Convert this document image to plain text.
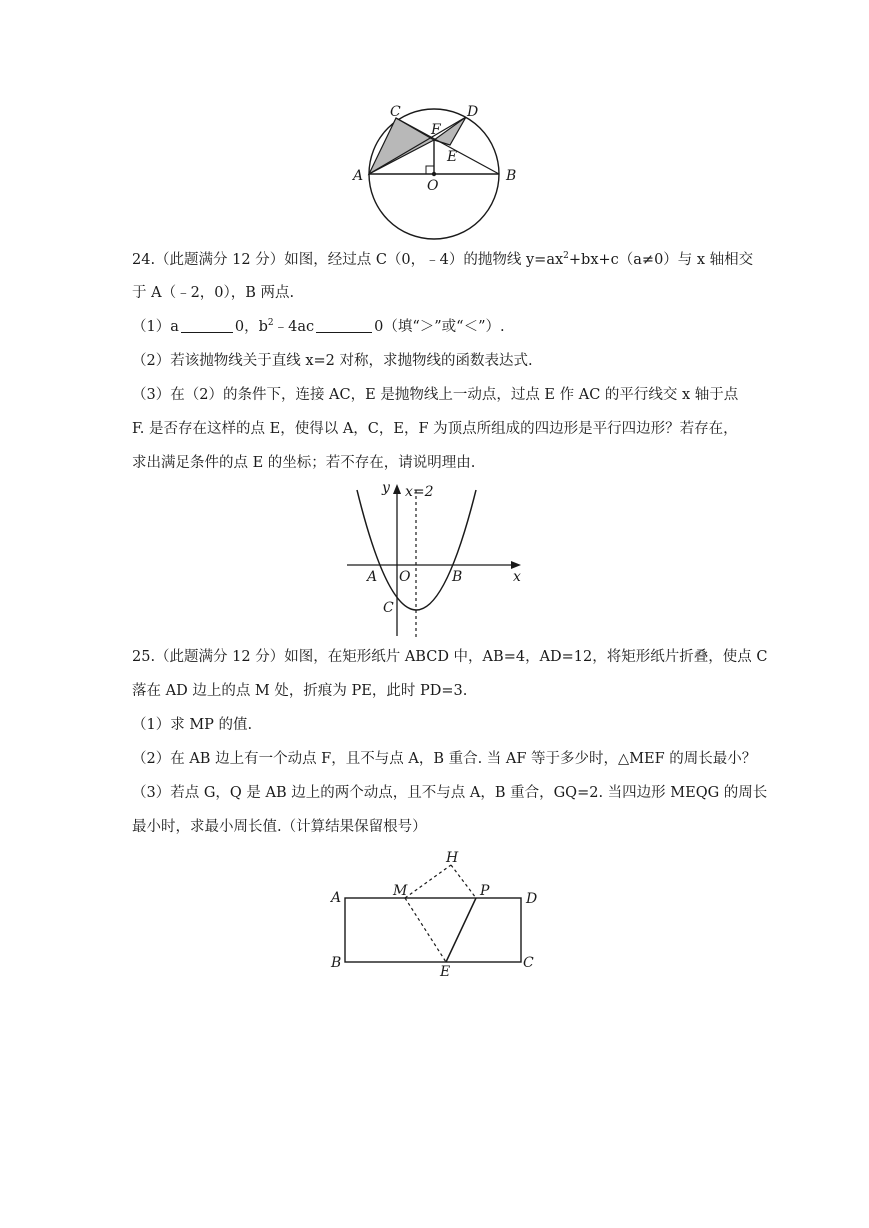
C	D
F
E
A
O
B
24.（此题满分 12 分）如图，经过点 C（0，﹣4）的抛物线 $y=ax^2+bx+c(a\ne 0)$与 x 轴相交
于 A（﹣2，0），B 两点.
（1）a	0，$b^2﹣4ac$	0（填“＞”或“＜”）.
（2）若该抛物线关于直线 x=2 对称，求抛物线的函数表达式.
（3）在（2）的条件下，连接 AC，E 是抛物线上一动点，过点 E 作 AC 的平行线交 x 轴于点
F. 是否存在这样的点 E，使得以 A，C，E，F 为顶点所组成的四边形是平行四边形？若存在，
求出满足条件的点 E 的坐标；若不存在，请说明理由.
y x=2
A O	B	x
C
25.（此题满分 12 分）如图，在矩形纸片 ABCD 中，AB=4，AD=12，将矩形纸片折叠，使点 C
落在 AD 边上的点 M 处，折痕为 PE，此时 PD=3.
（1）求 MP 的值.
（2）在 AB 边上有一个动点 F，且不与点 A，B 重合. 当 AF 等于多少时，△MEF 的周长最小？
（3）若点 G，Q 是 AB 边上的两个动点，且不与点 A，B 重合，GQ=2. 当四边形 MEQG 的周长
最小时，求最小周长值.（计算结果保留根号）
H
A	M	P	D
B
E
C
